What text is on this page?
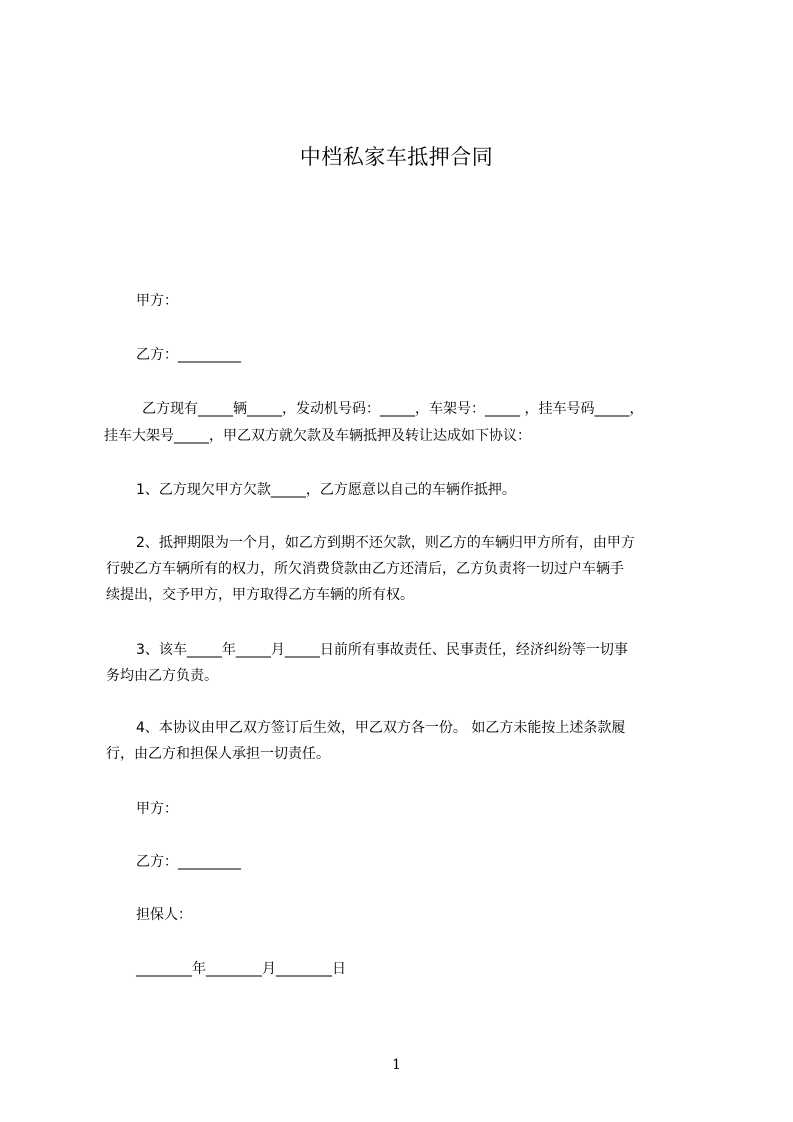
中档私家车抵押合同
甲方：
乙方：_________
乙方现有_____辆_____，发动机号码：_____，车架号：_____ ，挂车号码_____，
挂车大架号_____，甲乙双方就欠款及车辆抵押及转让达成如下协议：
1、乙方现欠甲方欠款_____，乙方愿意以自己的车辆作抵押。
2、抵押期限为一个月，如乙方到期不还欠款，则乙方的车辆归甲方所有，由甲方
行驶乙方车辆所有的权力，所欠消费贷款由乙方还清后，乙方负责将一切过户车辆手
续提出，交予甲方，甲方取得乙方车辆的所有权。
3、该车_____年_____月_____日前所有事故责任、民事责任，经济纠纷等一切事
务均由乙方负责。
4、本协议由甲乙双方签订后生效，甲乙双方各一份。 如乙方未能按上述条款履
行，由乙方和担保人承担一切责任。
甲方：
乙方：_________
担保人：
________年________月________日
1
